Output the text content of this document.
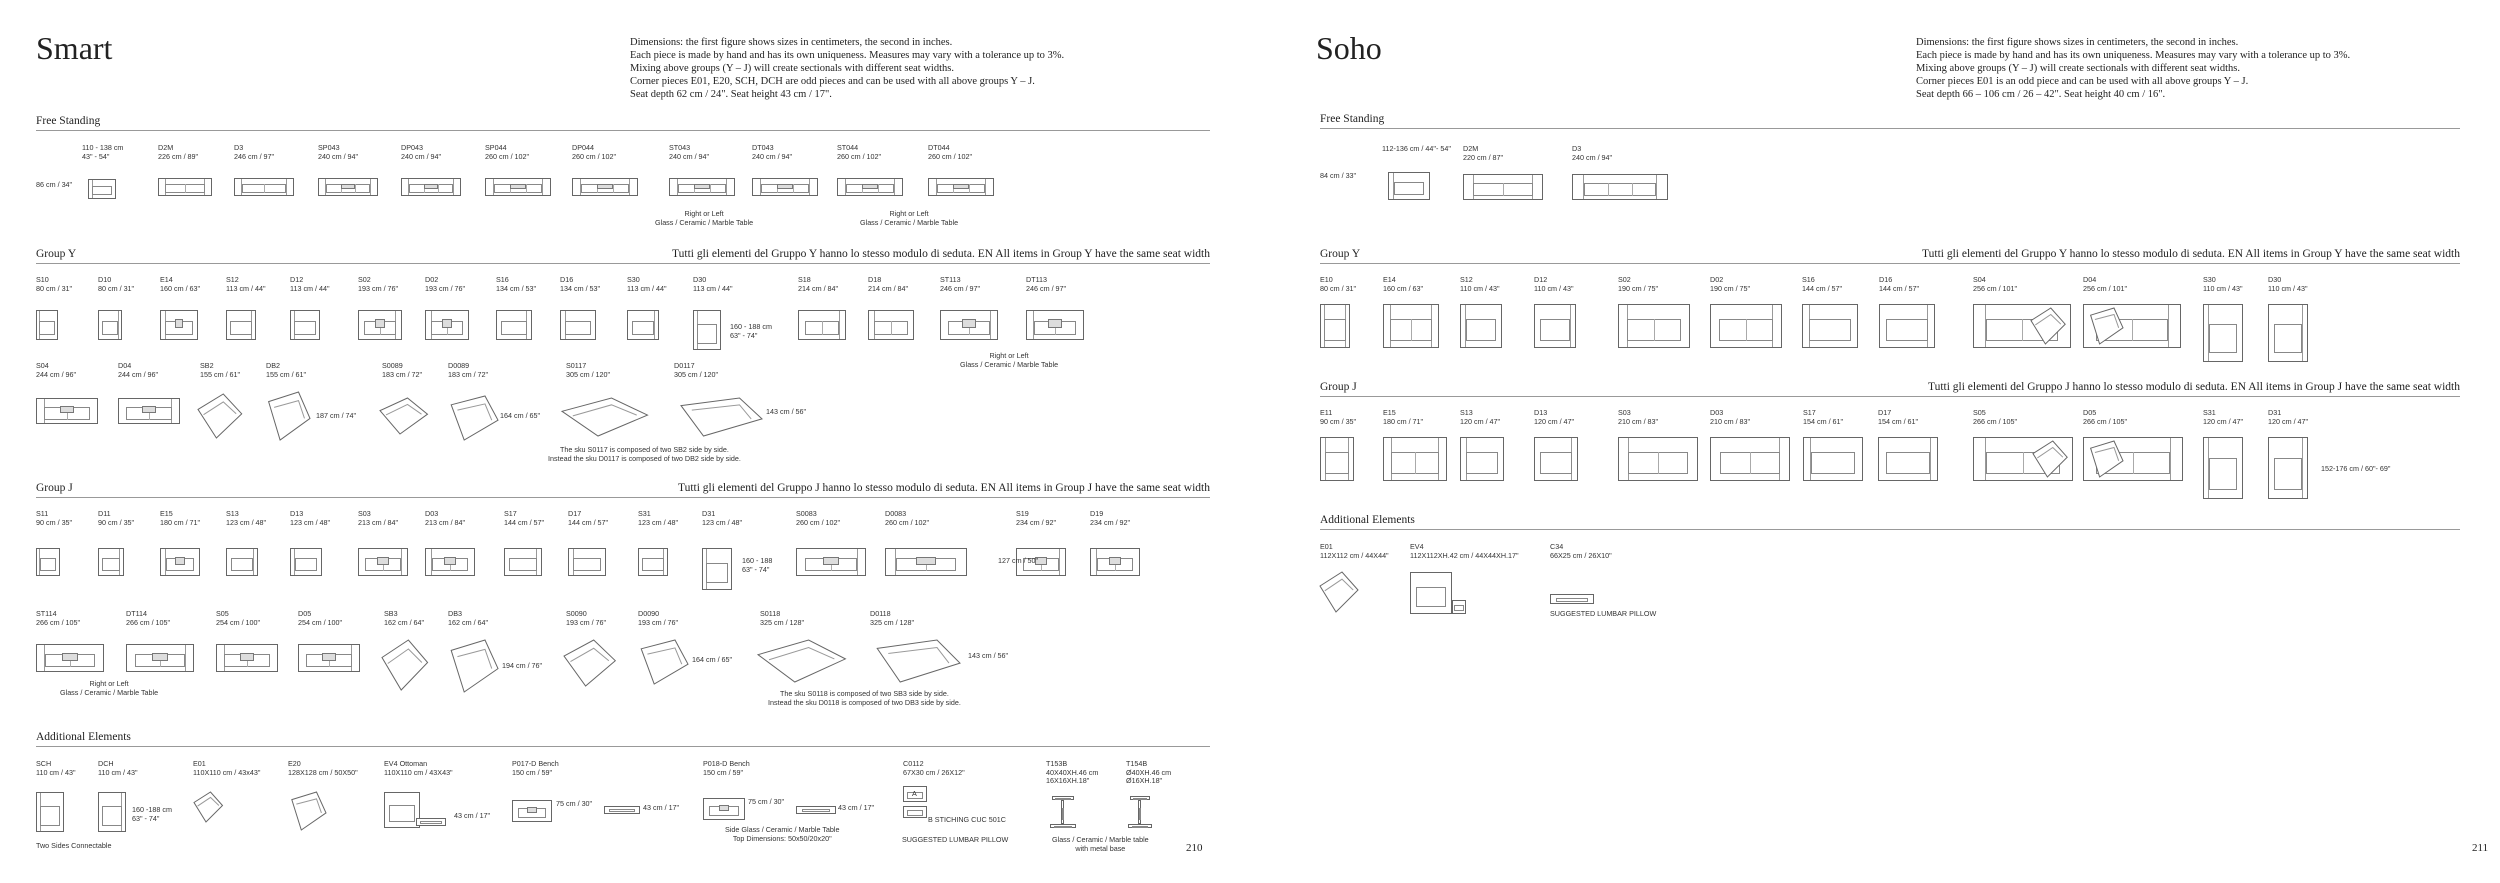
Smart	Dimensions: the first figure shows sizes in centimeters, the second in inches.
Each piece is made by hand and has its own uniqueness. Measures may vary with a tolerance up to 3%.
Mixing above groups (Y – J) will create sectionals with different seat widths.
Corner pieces E01, E20, SCH, DCH are odd pieces and can be used with all above groups Y – J.
Seat depth 62 cm / 24". Seat height 43 cm / 17".
Free Standing
86 cm / 34"
110 - 138 cm
43" - 54"
D2M
226 cm / 89"
D3
246 cm / 97"
SP043
240 cm / 94"
DP043
240 cm / 94"
SP044
260 cm / 102"
DP044
260 cm / 102"
ST043
240 cm / 94"
DT043
240 cm / 94"
ST044
260 cm / 102"
DT044
260 cm / 102"
Right or Left
Glass / Ceramic / Marble Table
Right or Left
Glass / Ceramic / Marble Table
Group Y	Tutti gli elementi del Gruppo Y hanno lo stesso modulo di seduta. EN All items in Group Y have the same seat width
S10
80 cm / 31"
D10
80 cm / 31"
E14
160 cm / 63"
S12
113 cm / 44"
D12
113 cm / 44"
S02
193 cm / 76"
D02
193 cm / 76"
S16
134 cm / 53"
D16
134 cm / 53"
S30
113 cm / 44"
D30
113 cm / 44"
S18
214 cm / 84"
D18
214 cm / 84"
ST113
246 cm / 97"
DT113
246 cm / 97"
160 - 188 cm
63" - 74"
Right or Left
Glass / Ceramic / Marble Table
S04
244 cm / 96"
D04
244 cm / 96"
SB2
155 cm / 61"
DB2
155 cm / 61"
S0089
183 cm / 72"
D0089
183 cm / 72"
S0117
305 cm / 120"
D0117
305 cm / 120"
187 cm / 74"	164 cm / 65"	143 cm / 56"
The sku S0117 is composed of two SB2 side by side.
Instead the sku D0117 is composed of two DB2 side by side.
Group J	Tutti gli elementi del Gruppo J hanno lo stesso modulo di seduta. EN All items in Group J have the same seat width
S11
90 cm / 35"
D11
90 cm / 35"
E15
180 cm / 71"
S13
123 cm / 48"
D13
123 cm / 48"
S03
213 cm / 84"
D03
213 cm / 84"
S17
144 cm / 57"
D17
144 cm / 57"
S31
123 cm / 48"
D31
123 cm / 48"
S0083
260 cm / 102"
D0083
260 cm / 102"
S19
234 cm / 92"
D19
234 cm / 92"
160 - 188
63" - 74"
127 cm / 50"
ST114
266 cm / 105"
DT114
266 cm / 105"
S05
254 cm / 100"
D05
254 cm / 100"
SB3
162 cm / 64"
DB3
162 cm / 64"
S0090
193 cm / 76"
D0090
193 cm / 76"
S0118
325 cm / 128"
D0118
325 cm / 128"
Right or Left
Glass / Ceramic / Marble Table
194 cm / 76"
164 cm / 65"	143 cm / 56"
The sku S0118 is composed of two SB3 side by side.
Instead the sku D0118 is composed of two DB3 side by side.
Additional Elements
SCH
110 cm / 43"
DCH
110 cm / 43"
E01
110X110 cm / 43x43"
E20
128X128 cm / 50X50"
EV4 Ottoman
110X110 cm / 43X43"
P017-D Bench
150 cm / 59"
P018-D Bench
150 cm / 59"
C0112
67X30 cm / 26X12"
T153B
40X40XH.46 cm
16X16XH.18"
T154B
Ø40XH.46 cm
Ø16XH.18"
A
160 -188 cm
63" - 74"	43 cm / 17"
75 cm / 30"	43 cm / 17"
75 cm / 30"
43 cm / 17"
Two Sides Connectable
Side Glass / Ceramic / Marble Table
Top Dimensions: 50x50/20x20"
B STICHING CUC 501C
SUGGESTED LUMBAR PILLOW	Glass / Ceramic / Marble table
with metal base	210
Soho	Dimensions: the first figure shows sizes in centimeters, the second in inches.
Each piece is made by hand and has its own uniqueness. Measures may vary with a tolerance up to 3%.
Mixing above groups (Y – J) will create sectionals with different seat widths.
Corner pieces E01 is an odd piece and can be used with all above groups Y – J.
Seat depth 66 – 106 cm / 26 – 42". Seat height 40 cm / 16".
Free Standing
84 cm / 33"
112-136 cm / 44"- 54" D2M
220 cm / 87"
D3
240 cm / 94"
Group Y	Tutti gli elementi del Gruppo Y hanno lo stesso modulo di seduta. EN All items in Group Y have the same seat width
E10
80 cm / 31"
E14
160 cm / 63"
S12
110 cm / 43"
D12
110 cm / 43"
S02
190 cm / 75"
D02
190 cm / 75"
S16
144 cm / 57"
D16
144 cm / 57"
S04
256 cm / 101"
D04
256 cm / 101"
S30
110 cm / 43"
D30
110 cm / 43"
Group J	Tutti gli elementi del Gruppo J hanno lo stesso modulo di seduta. EN All items in Group J have the same seat width
E11
90 cm / 35"
E15
180 cm / 71"
S13
120 cm / 47"
D13
120 cm / 47"
S03
210 cm / 83"
D03
210 cm / 83"
S17
154 cm / 61"
D17
154 cm / 61"
S05
266 cm / 105"
D05
266 cm / 105"
S31
120 cm / 47"
D31
120 cm / 47"
152-176 cm / 60"- 69"
Additional Elements
E01
112X112 cm / 44X44"
EV4
112X112XH.42 cm / 44X44XH.17"
C34
66X25 cm / 26X10"
SUGGESTED LUMBAR PILLOW
211
